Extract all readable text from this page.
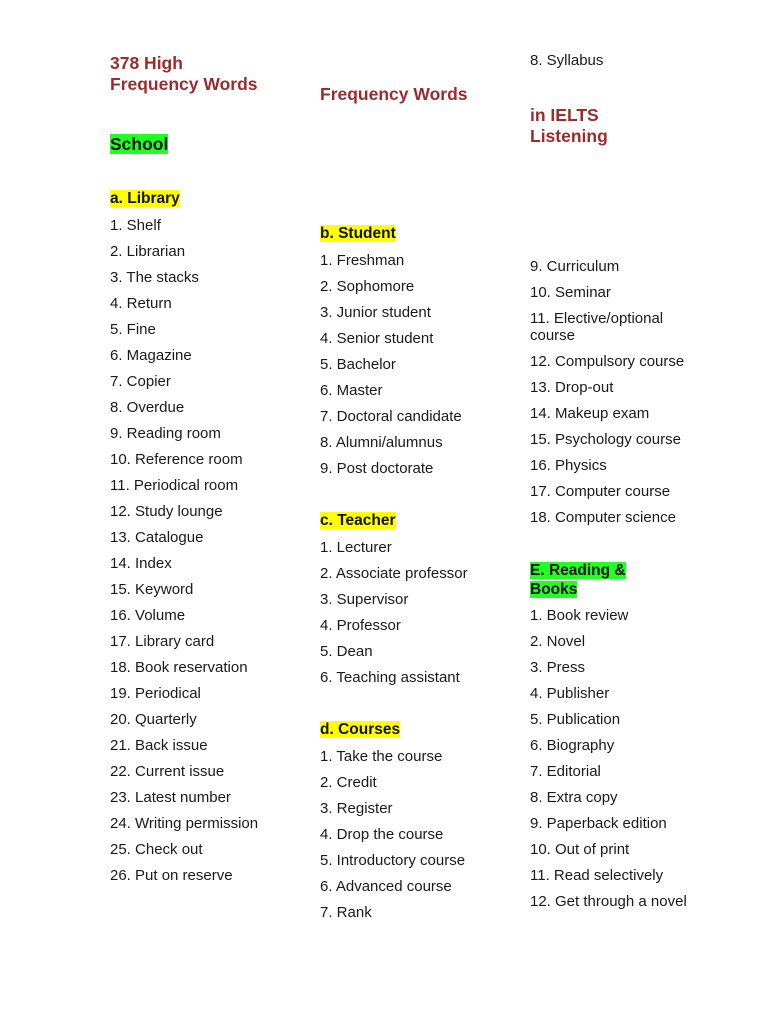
378 High
Frequency Words
School
a. Library
1. Shelf
2. Librarian
3. The stacks
4. Return
5. Fine
6. Magazine
7. Copier
8. Overdue
9. Reading room
10. Reference room
11. Periodical room
12. Study lounge
13. Catalogue
14. Index
15. Keyword
16. Volume
17. Library card
18. Book reservation
19. Periodical
20. Quarterly
21. Back issue
22. Current issue
23. Latest number
24. Writing permission
25. Check out
26. Put on reserve
Frequency Words
b. Student
1. Freshman
2. Sophomore
3. Junior student
4. Senior student
5. Bachelor
6. Master
7. Doctoral candidate
8. Alumni/alumnus
9. Post doctorate
c. Teacher
1. Lecturer
2. Associate professor
3. Supervisor
4. Professor
5. Dean
6. Teaching assistant
d. Courses
1. Take the course
2. Credit
3. Register
4. Drop the course
5. Introductory course
6. Advanced course
7. Rank
8. Syllabus
in IELTS
Listening
9. Curriculum
10. Seminar
11. Elective/optional course
12. Compulsory course
13. Drop-out
14. Makeup exam
15. Psychology course
16. Physics
17. Computer course
18. Computer science
E. Reading &
Books
1. Book review
2. Novel
3. Press
4. Publisher
5. Publication
6. Biography
7. Editorial
8. Extra copy
9. Paperback edition
10. Out of print
11. Read selectively
12. Get through a novel
